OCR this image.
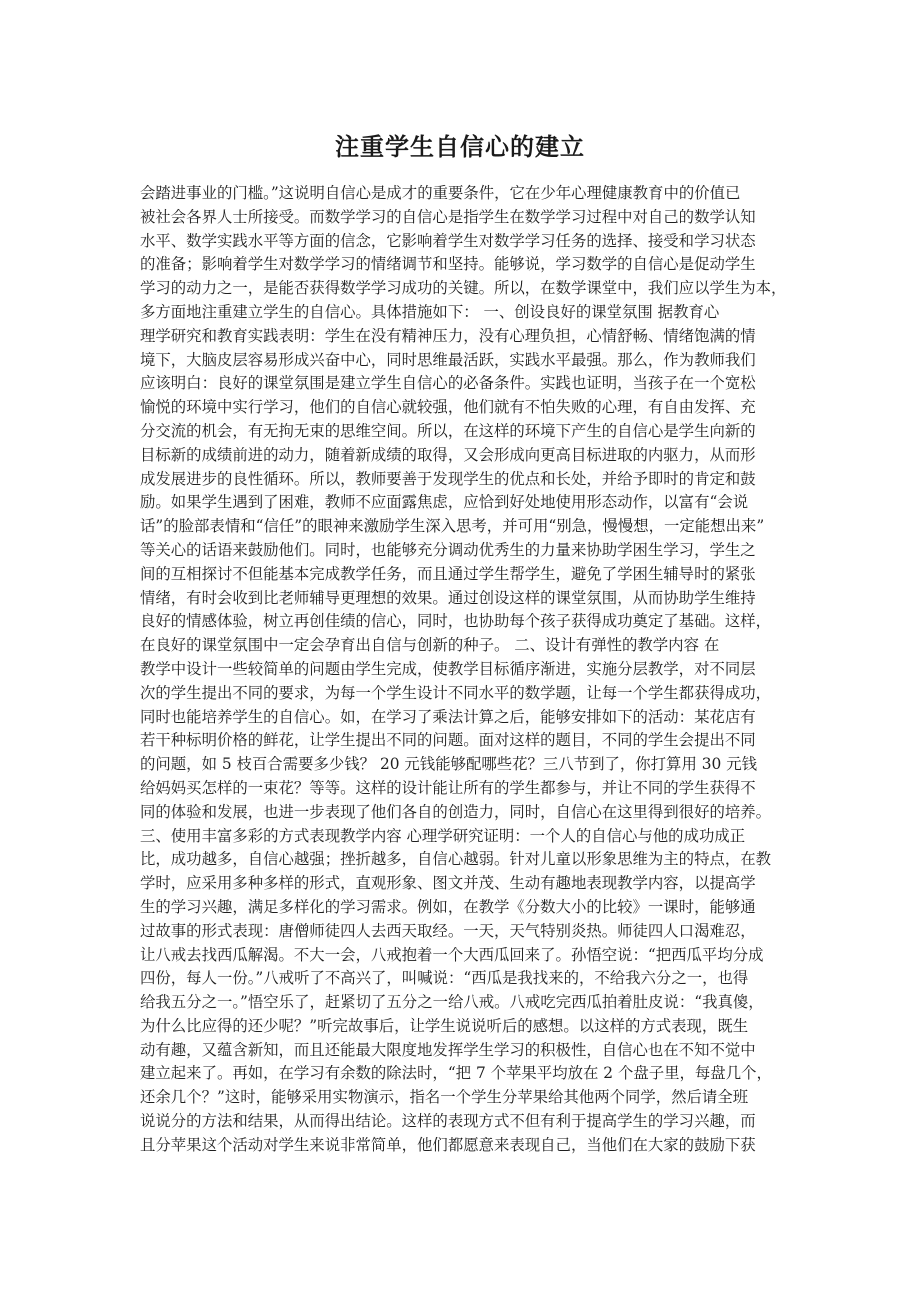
注重学生自信心的建立
会踏进事业的门槛。”这说明自信心是成才的重要条件，它在少年心理健康教育中的价值已
被社会各界人士所接受。而数学学习的自信心是指学生在数学学习过程中对自己的数学认知
水平、数学实践水平等方面的信念，它影响着学生对数学学习任务的选择、接受和学习状态
的准备；影响着学生对数学学习的情绪调节和坚持。能够说，学习数学的自信心是促动学生
学习的动力之一，是能否获得数学学习成功的关键。所以，在数学课堂中，我们应以学生为本，
多方面地注重建立学生的自信心。具体措施如下： 一、创设良好的课堂氛围 据教育心
理学研究和教育实践表明：学生在没有精神压力，没有心理负担，心情舒畅、情绪饱满的情
境下，大脑皮层容易形成兴奋中心，同时思维最活跃，实践水平最强。那么，作为教师我们
应该明白：良好的课堂氛围是建立学生自信心的必备条件。实践也证明，当孩子在一个宽松
愉悦的环境中实行学习，他们的自信心就较强，他们就有不怕失败的心理，有自由发挥、充
分交流的机会，有无拘无束的思维空间。所以，在这样的环境下产生的自信心是学生向新的
目标新的成绩前进的动力，随着新成绩的取得，又会形成向更高目标进取的内驱力，从而形
成发展进步的良性循环。所以，教师要善于发现学生的优点和长处，并给予即时的肯定和鼓
励。如果学生遇到了困难，教师不应面露焦虑，应恰到好处地使用形态动作，以富有“会说
话”的脸部表情和“信任”的眼神来激励学生深入思考，并可用“别急，慢慢想，一定能想出来”
等关心的话语来鼓励他们。同时，也能够充分调动优秀生的力量来协助学困生学习，学生之
间的互相探讨不但能基本完成教学任务，而且通过学生帮学生，避免了学困生辅导时的紧张
情绪，有时会收到比老师辅导更理想的效果。通过创设这样的课堂氛围，从而协助学生维持
良好的情感体验，树立再创佳绩的信心，同时，也协助每个孩子获得成功奠定了基础。这样，
在良好的课堂氛围中一定会孕育出自信与创新的种子。 二、设计有弹性的教学内容 在
教学中设计一些较简单的问题由学生完成，使教学目标循序渐进，实施分层教学，对不同层
次的学生提出不同的要求，为每一个学生设计不同水平的数学题，让每一个学生都获得成功，
同时也能培养学生的自信心。如，在学习了乘法计算之后，能够安排如下的活动：某花店有
若干种标明价格的鲜花，让学生提出不同的问题。面对这样的题目，不同的学生会提出不同
的问题，如 5 枝百合需要多少钱？ 20 元钱能够配哪些花？三八节到了，你打算用 30 元钱
给妈妈买怎样的一束花？等等。这样的设计能让所有的学生都参与，并让不同的学生获得不
同的体验和发展，也进一步表现了他们各自的创造力，同时，自信心在这里得到很好的培养。
三、使用丰富多彩的方式表现教学内容 心理学研究证明：一个人的自信心与他的成功成正
比，成功越多，自信心越强；挫折越多，自信心越弱。针对儿童以形象思维为主的特点，在教
学时，应采用多种多样的形式，直观形象、图文并茂、生动有趣地表现教学内容，以提高学
生的学习兴趣，满足多样化的学习需求。例如，在教学《分数大小的比较》一课时，能够通
过故事的形式表现：唐僧师徒四人去西天取经。一天，天气特别炎热。师徒四人口渴难忍，
让八戒去找西瓜解渴。不大一会，八戒抱着一个大西瓜回来了。孙悟空说：“把西瓜平均分成
四份，每人一份。”八戒听了不高兴了，叫喊说：“西瓜是我找来的，不给我六分之一，也得
给我五分之一。”悟空乐了，赶紧切了五分之一给八戒。八戒吃完西瓜拍着肚皮说：“我真傻，
为什么比应得的还少呢？”听完故事后，让学生说说听后的感想。以这样的方式表现，既生
动有趣，又蕴含新知，而且还能最大限度地发挥学生学习的积极性，自信心也在不知不觉中
建立起来了。再如，在学习有余数的除法时，“把 7 个苹果平均放在 2 个盘子里，每盘几个，
还余几个？”这时，能够采用实物演示，指名一个学生分苹果给其他两个同学，然后请全班
说说分的方法和结果，从而得出结论。这样的表现方式不但有利于提高学生的学习兴趣，而
且分苹果这个活动对学生来说非常简单，他们都愿意来表现自己，当他们在大家的鼓励下获
